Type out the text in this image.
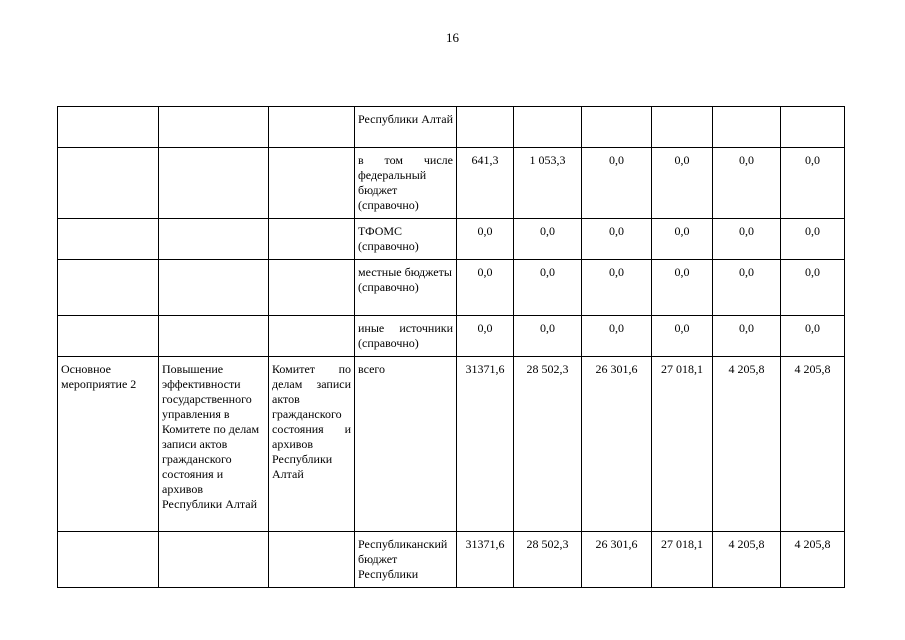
16
			Республики Алтай						
			в том числе федеральный бюджет (справочно)	641,3	1 053,3	0,0	0,0	0,0	0,0
			ТФОМС (справочно)	0,0	0,0	0,0	0,0	0,0	0,0
			местные бюджеты (справочно)	0,0	0,0	0,0	0,0	0,0	0,0
			иные источники (справочно)	0,0	0,0	0,0	0,0	0,0	0,0
Основное мероприятие 2	Повышение эффективности государственного управления в Комитете по делам записи актов гражданского состояния и архивов Республики Алтай	Комитет по делам записи актов гражданского состояния и архивов Республики Алтай	всего	31371,6	28 502,3	26 301,6	27 018,1	4 205,8	4 205,8
			Республиканский бюджет Республики	31371,6	28 502,3	26 301,6	27 018,1	4 205,8	4 205,8
